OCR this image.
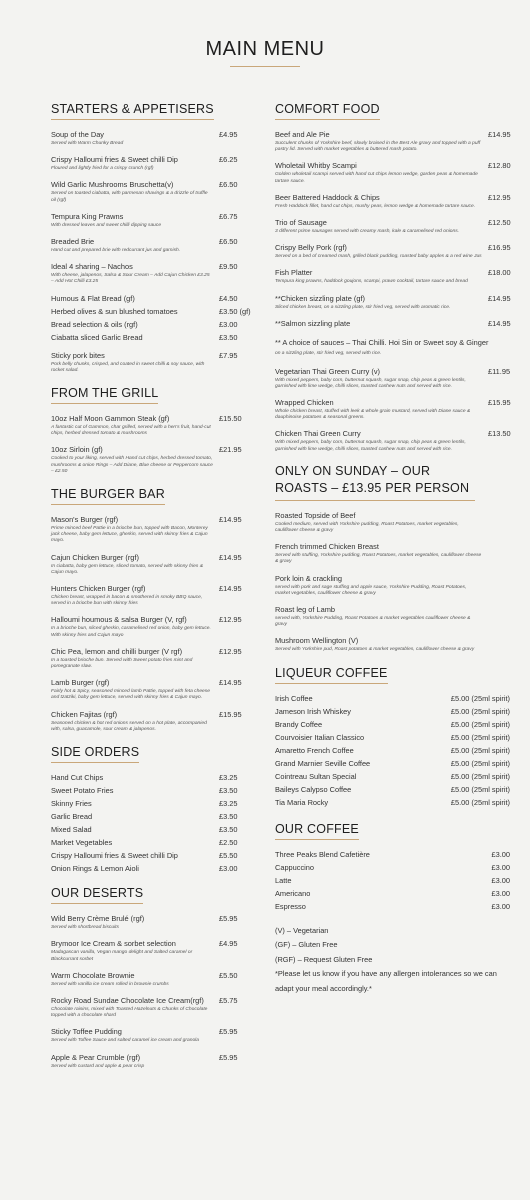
MAIN MENU
STARTERS & APPETISERS
Soup of the Day	£4.95
Served with Warm Chunky Bread
Crispy Halloumi fries & Sweet chilli Dip	£6.25
Floured and lightly fried for a crispy crunch (rgf)
Wild Garlic Mushrooms Bruschetta(v)	£6.50
Served on toasted ciabatta, with parmesan shavings & a drizzle of truffle oil (rgf)
Tempura King Prawns	£6.75
With dressed leaves and sweet chilli dipping sauce
Breaded Brie	£6.50
Hand cut and prepared brie with redcurrant jus and garnish.
Ideal 4 sharing – Nachos	£9.50
With cheese, jalapenos, Salsa & Sour Cream – Add Cajun Chicken £3.25 – Add Hot Chilli £3.25
Humous & Flat Bread (gf)	£4.50
Herbed olives & sun blushed tomatoes	£3.50 (gf)
Bread selection & oils (rgf)	£3.00
Ciabatta sliced Garlic Bread	£3.50
Sticky pork bites	£7.95
Pork belly chunks, crisped, and coated in sweet chilli & soy sauce, with rocket salad.
FROM THE GRILL
10oz Half Moon Gammon Steak (gf)	£15.50
A fantastic cut of Gammon, char grilled, served with a hen's fruit, hand-cut chips, herbed dressed tomato & mushrooms
10oz Sirloin (gf)	£21.95
Cooked to your liking, served with Hand cut chips, herbed dressed tomato, mushrooms & onion Rings – Add Diane, Blue cheese or Peppercorn sauce – £2.50
THE BURGER BAR
Mason's Burger (rgf)	£14.95
Prime minced beef Pattie in a brioche bun, topped with Bacon, Monterey jack cheese, baby gem lettuce, gherkin, served with skinny fries & Cajun mayo.
Cajun Chicken Burger (rgf)	£14.95
In ciabatta, baby gem lettuce, sliced tomato, served with skinny fries & Cajun mayo.
Hunters Chicken Burger (rgf)	£14.95
Chicken breast, wrapped in bacon & smothered in smoky BBQ sauce, served in a brioche bun with skinny fries
Halloumi houmous & salsa Burger (V, rgf)	£12.95
In a brioche bun, sliced gherkin, caramelised red onion, baby gem lettuce. With skinny fries and Cajun mayo
Chic Pea, lemon and chilli burger (V rgf)	£12.95
In a toasted brioche bun. Served with Sweet potato fries mint and pomegranate slaw.
Lamb Burger (rgf)	£14.95
Fairly hot & Spicy, seasoned minced lamb Pattie, topped with feta cheese and tzatziki, baby gem lettuce, served with skinny fries & Cajun mayo.
Chicken Fajitas (rgf)	£15.95
Seasoned chicken & hot red onions served on a hot plate, accompanied with, salsa, guacamole, sour cream & jalapenos.
SIDE ORDERS
Hand Cut Chips	£3.25
Sweet Potato Fries	£3.50
Skinny Fries	£3.25
Garlic Bread	£3.50
Mixed Salad	£3.50
Market Vegetables	£2.50
Crispy Halloumi fries & Sweet chilli Dip	£5.50
Onion Rings & Lemon Aioli	£3.00
OUR DESERTS
Wild Berry Crème Brulé (rgf)	£5.95
Served with shortbread biscuits
Brymoor Ice Cream & sorbet selection	£4.95
Madagascan vanilla, Vegan mango delight and Salted caramel or Blackcurrant sorbet
Warm Chocolate Brownie	£5.50
Served with vanilla ice cream rolled in brownie crumbs
Rocky Road Sundae Chocolate Ice Cream(rgf) £5.75
Chocolate raisins, mixed with Toasted Hazelnuts & Chunks of Chocolate topped with a chocolate shard
Sticky Toffee Pudding	£5.95
Served with Toffee Sauce and salted caramel ice cream and granola
Apple & Pear Crumble (rgf)	£5.95
Served with custard and apple & pear crisp
COMFORT FOOD
Beef and Ale Pie	£14.95
Succulent chunks of Yorkshire beef, slowly braised in the Best Ale gravy and topped with a puff pastry lid. Served with market vegetables & buttered mash potato.
Wholetail Whitby Scampi	£12.80
Golden wholetail scampi served with hand cut chips lemon wedge, garden peas & homemade tartare sauce.
Beer Battered Haddock & Chips	£12.95
Fresh Haddock fillet, hand cut chips, mushy peas, lemon wedge & homemade tartare sauce.
Trio of Sausage	£12.50
3 different prime sausages served with creamy mash, kale & caramelised red onions.
Crispy Belly Pork (rgf)	£16.95
Served on a bed of creamed mash, grilled black pudding, roasted baby apples & a red wine Jus
Fish Platter	£18.00
Tempura king prawns, haddock goujons, scampi, prawn cocktail, tartare sauce and bread
**Chicken sizzling plate (gf)	£14.95
Sliced chicken breast, on a sizzling plate, stir fried veg, served with aromatic rice.
**Salmon sizzling plate	£14.95
** A choice of sauces – Thai Chilli. Hoi Sin or Sweet soy & Ginger
on a sizzling plate, stir fried veg, served with rice.
Vegetarian Thai Green Curry (v)	£11.95
With mixed peppers, baby corn, butternut squash, sugar snap, chip peas & green lentils, garnished with lime wedge, chilli slices, toasted cashew nuts and served with rice.
Wrapped Chicken	£15.95
Whole chicken breast, stuffed with leek & whole grain mustard, served with Diane sauce & dauphinoise potatoes & seasonal greens.
Chicken Thai Green Curry	£13.50
With mixed peppers, baby corn, butternut squash, sugar snap, chip peas & green lentils, garnished with lime wedge, chilli slices, toasted cashew nuts and served with rice.
ONLY ON SUNDAY – OUR ROASTS – £13.95 PER PERSON
Roasted Topside of Beef
Cooked medium, served with Yorkshire pudding, Roast Potatoes, market vegetables, cauliflower cheese & gravy
French trimmed Chicken Breast
Served with stuffing, Yorkshire pudding, Roast Potatoes, market vegetables, cauliflower cheese & gravy
Pork loin & crackling
served with pork and sage stuffing and apple sauce, Yorkshire Pudding, Roast Potatoes, market vegetables, cauliflower cheese & gravy
Roast leg of Lamb
served with, Yorkshire Pudding, Roast Potatoes & market vegetables cauliflower cheese & gravy
Mushroom Wellington (V)
Served with Yorkshire pud, Roast potatoes & market vegetables, cauliflower cheese & gravy
LIQUEUR COFFEE
Irish Coffee	£5.00 (25ml spirit)
Jameson Irish Whiskey	£5.00 (25ml spirit)
Brandy Coffee	£5.00 (25ml spirit)
Courvoisier Italian Classico	£5.00 (25ml spirit)
Amaretto French Coffee	£5.00 (25ml spirit)
Grand Marnier Seville Coffee	£5.00 (25ml spirit)
Cointreau Sultan Special	£5.00 (25ml spirit)
Baileys Calypso Coffee	£5.00 (25ml spirit)
Tia Maria Rocky	£5.00 (25ml spirit)
OUR COFFEE
Three Peaks Blend Cafetière	£3.00
Cappuccino	£3.00
Latte	£3.00
Americano	£3.00
Espresso	£3.00
(V) – Vegetarian
(GF) – Gluten Free
(RGF) – Request Gluten Free
*Please let us know if you have any allergen intolerances so we can adapt your meal accordingly.*
